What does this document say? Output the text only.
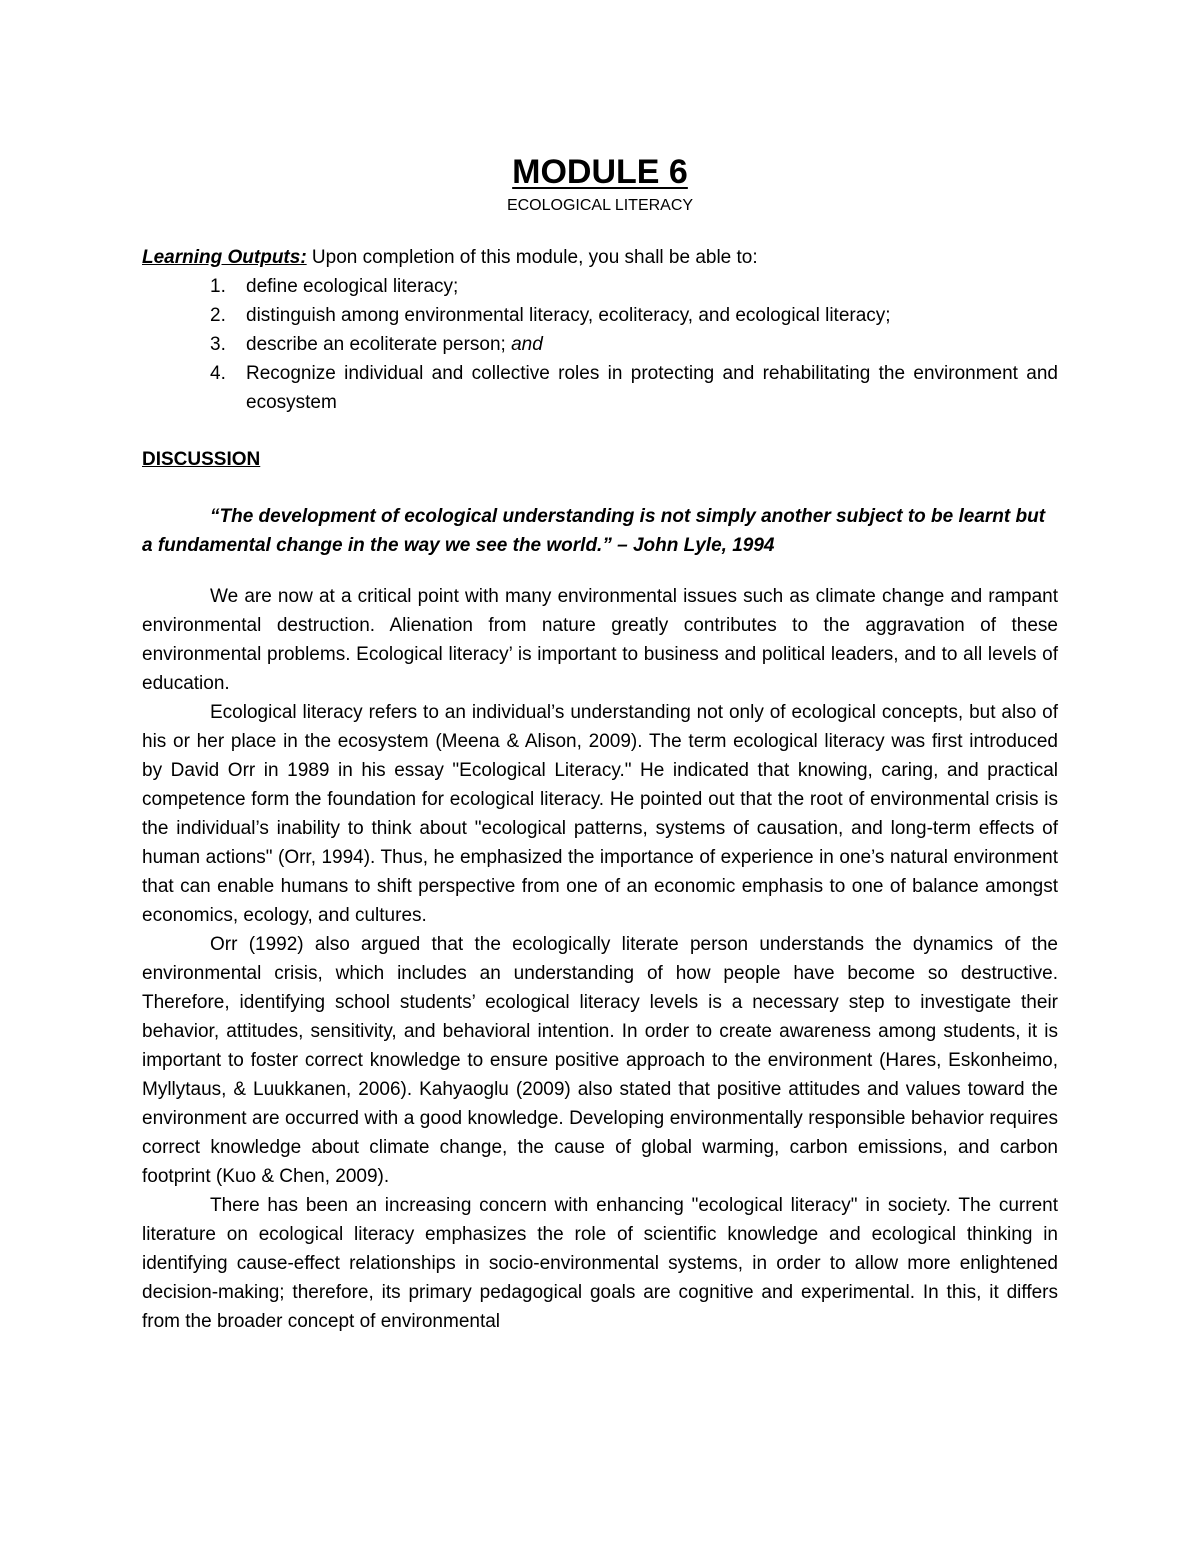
MODULE 6
ECOLOGICAL LITERACY

Learning Outputs: Upon completion of this module, you shall be able to:

1.	define ecological literacy;
2.	distinguish among environmental literacy, ecoliteracy, and ecological literacy;
3.	describe an ecoliterate person; and
4.	Recognize individual and collective roles in protecting and rehabilitating the environment and ecosystem
DISCUSSION

“The development of ecological understanding is not simply another subject to be learnt but a fundamental change in the way we see the world.” – John Lyle, 1994

We are now at a critical point with many environmental issues such as climate change and rampant environmental destruction. Alienation from nature greatly contributes to the aggravation of these environmental problems. Ecological literacy’ is important to business and political leaders, and to all levels of education.

Ecological literacy refers to an individual’s understanding not only of ecological concepts, but also of his or her place in the ecosystem (Meena & Alison, 2009). The term ecological literacy was first introduced by David Orr in 1989 in his essay "Ecological Literacy." He indicated that knowing, caring, and practical competence form the foundation for ecological literacy. He pointed out that the root of environmental crisis is the individual’s inability to think about "ecological patterns, systems of causation, and long-term effects of human actions" (Orr, 1994). Thus, he emphasized the importance of experience in one’s natural environment that can enable humans to shift perspective from one of an economic emphasis to one of balance amongst economics, ecology, and cultures.

Orr (1992) also argued that the ecologically literate person understands the dynamics of the environmental crisis, which includes an understanding of how people have become so destructive. Therefore, identifying school students’ ecological literacy levels is a necessary step to investigate their behavior, attitudes, sensitivity, and behavioral intention. In order to create awareness among students, it is important to foster correct knowledge to ensure positive approach to the environment (Hares, Eskonheimo, Myllytaus, & Luukkanen, 2006). Kahyaoglu (2009) also stated that positive attitudes and values toward the environment are occurred with a good knowledge. Developing environmentally responsible behavior requires correct knowledge about climate change, the cause of global warming, carbon emissions, and carbon footprint (Kuo & Chen, 2009).

There has been an increasing concern with enhancing "ecological literacy" in society. The current literature on ecological literacy emphasizes the role of scientific knowledge and ecological thinking in identifying cause-effect relationships in socio-environmental systems, in order to allow more enlightened decision-making; therefore, its primary pedagogical goals are cognitive and experimental. In this, it differs from the broader concept of environmental
